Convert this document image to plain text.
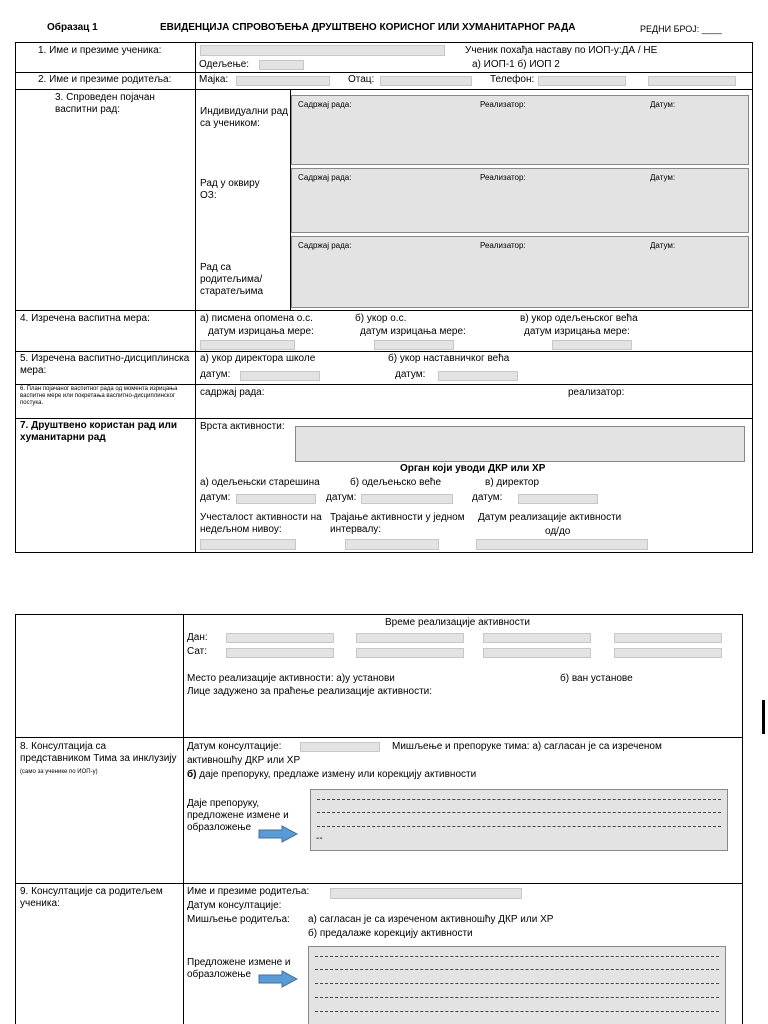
Образац 1	ЕВИДЕНЦИЈА СПРОВОЂЕЊА ДРУШТВЕНО КОРИСНОГ ИЛИ ХУМАНИТАРНОГ РАДА	РЕДНИ БРОЈ: ____
1. Име и презиме ученика:
Одељење:
Ученик похађа наставу по ИОП-у:ДА / НЕ
а) ИОП-1 б) ИОП 2
2. Име и презиме родитеља:	Мајка:	Отац:	Телефон:
3. Спроведен појачан васпитни рад:	Индивидуални рад са учеником:
Рад у оквиру ОЗ:
Рад са родитељима/ старатељима
Садржај рада:	Реализатор:	Датум:
Садржај рада:	Реализатор:	Датум:
Садржај рада:	Реализатор:	Датум:
4. Изречена васпитна мера:	а) писмена опомена о.с.	б) укор о.с.	в) укор одељењског већа
датум изрицања мере:	датум изрицања мере:	датум изрицања мере:
5. Изречена васпитно-дисциплинска мера:
а) укор директора школе	б) укор наставничког већа
датум:	датум:
6. План појачаног васпитног рада од момента изрицања васпитне мере или покретања васпитно-дисциплинског постука.
садржај рада:	реализатор:
7. Друштвено користан рад или хуманитарни рад
Врста активности:
Орган који уводи ДКР или ХР
а) одељењски старешина	б) одељењско веће	в) директор
датум:	датум:	датум:
Учесталост активности на недељном нивоу:
Трајање активности у једном интервалу:
Датум реализације активности
од/до
Време реализације активности
Дан:
Сат:
Место реализације активности: а)у установи	б) ван установе
Лице задужено за праћење реализације активности:
8. Консултација са представником Тима за инклузију (само за ученике по ИОП-у)
Датум консултације:	Мишљење и препоруке тима: а) сагласан је са изреченом
активношћу ДКР или ХР
б) даје препоруку, предлаже измену или корекцију активности
Даје препоруку, предложене измене и образложење
--
9. Консултације са родитељем ученика:
Име и презиме родитеља:
Датум консултације:
Мишљење родитеља: а) сагласан је са изреченом активношћу ДКР или ХР
б) предалаже корекцију активности
Предложене измене и образложење
